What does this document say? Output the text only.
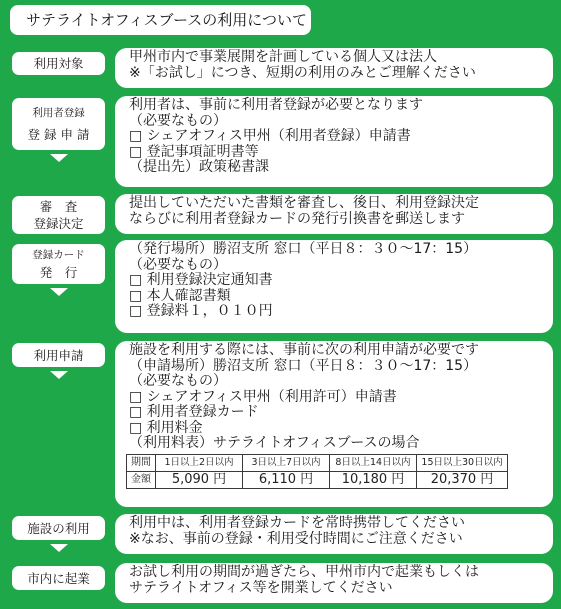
サテライトオフィスブースの利用について
利用対象	甲州市内で事業展開を計画している個人又は法人
※「お試し」につき、短期の利用のみとご理解ください
利用者登録
登 録 申 請
利用者は、事前に利用者登録が必要となります
（必要なもの）
□ シェアオフィス甲州（利用者登録）申請書
□ 登記事項証明書等
（提出先）政策秘書課
審　査
登録決定
提出していただいた書類を審査し、後日、利用登録決定
ならびに利用者登録カードの発行引換書を郵送します
登録カード
発　行
（発行場所）勝沼支所 窓口（平日８：３０～17：15）
（必要なもの）
□ 利用登録決定通知書
□ 本人確認書類
□ 登録料１，０１０円
利用申請	施設を利用する際には、事前に次の利用申請が必要です
（申請場所）勝沼支所 窓口（平日８：３０～17：15）
（必要なもの）
□ シェアオフィス甲州（利用許可）申請書
□ 利用者登録カード
□ 利用料金
（利用料表）サテライトオフィスブースの場合
期間	1日以上2日以内	3日以上7日以内	8日以上14日以内	15日以上30日以内
金額	5,090 円	6,110 円	10,180 円	20,370 円
施設の利用	利用中は、利用者登録カードを常時携帯してください
※なお、事前の登録・利用受付時間にご注意ください
市内に起業	お試し利用の期間が過ぎたら、甲州市内で起業もしくは
サテライトオフィス等を開業してください
